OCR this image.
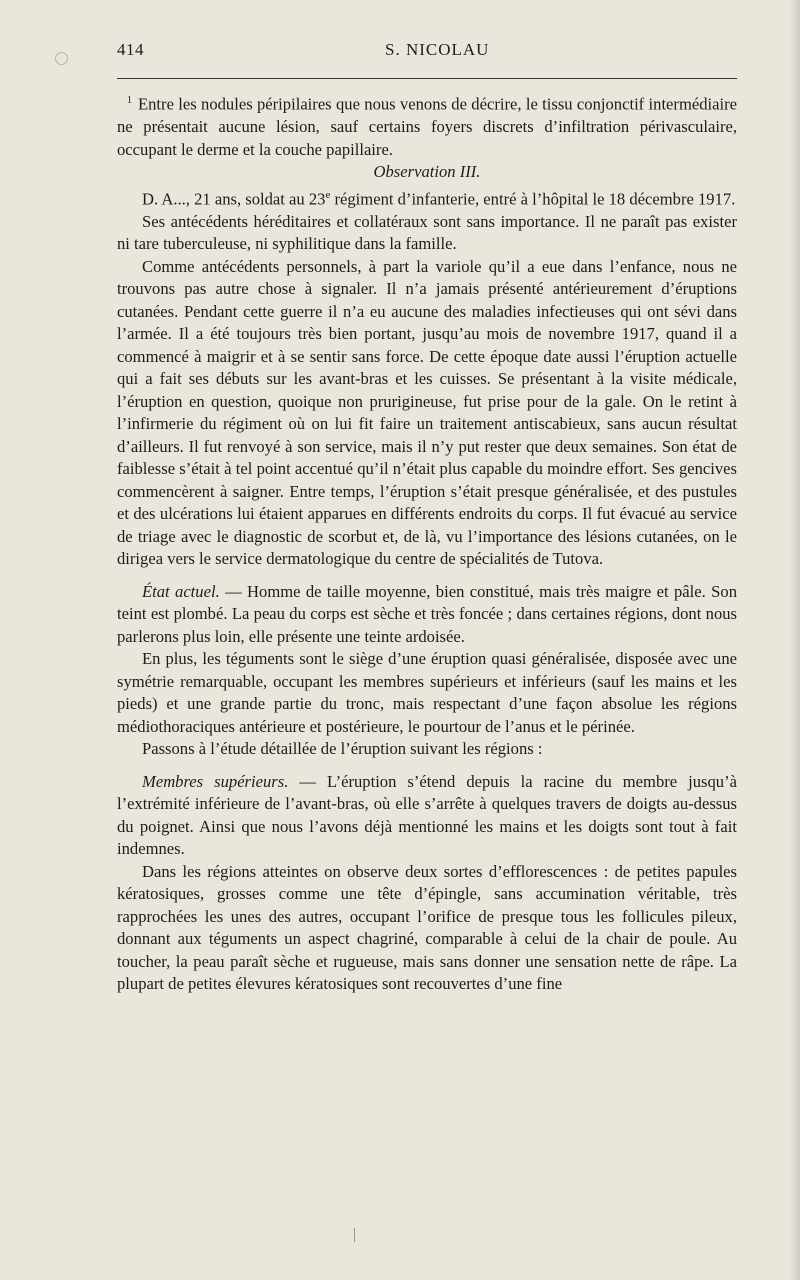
414	S. NICOLAU

$^1$ Entre les nodules péripilaires que nous venons de décrire, le tissu conjonctif intermédiaire ne présentait aucune lésion, sauf certains foyers discrets d’infiltration périvasculaire, occupant le derme et la couche papillaire.

Observation III.

D. A..., 21 ans, soldat au 23e régiment d’infanterie, entré à l’hôpital le 18 décembre 1917.

Ses antécédents héréditaires et collatéraux sont sans importance. Il ne paraît pas exister ni tare tuberculeuse, ni syphilitique dans la famille.

Comme antécédents personnels, à part la variole qu’il a eue dans l’enfance, nous ne trouvons pas autre chose à signaler. Il n’a jamais présenté antérieurement d’éruptions cutanées. Pendant cette guerre il n’a eu aucune des maladies infectieuses qui ont sévi dans l’armée. Il a été toujours très bien portant, jusqu’au mois de novembre 1917, quand il a commencé à maigrir et à se sentir sans force. De cette époque date aussi l’éruption actuelle qui a fait ses débuts sur les avant-bras et les cuisses. Se présentant à la visite médicale, l’éruption en question, quoique non prurigineuse, fut prise pour de la gale. On le retint à l’infirmerie du régiment où on lui fit faire un traitement antiscabieux, sans aucun résultat d’ailleurs. Il fut renvoyé à son service, mais il n’y put rester que deux semaines. Son état de faiblesse s’était à tel point accentué qu’il n’était plus capable du moindre effort. Ses gencives commencèrent à saigner. Entre temps, l’éruption s’était presque généralisée, et des pustules et des ulcérations lui étaient apparues en différents endroits du corps. Il fut évacué au service de triage avec le diagnostic de scorbut et, de là, vu l’importance des lésions cutanées, on le dirigea vers le service dermatologique du centre de spécialités de Tutova.

État actuel. — Homme de taille moyenne, bien constitué, mais très maigre et pâle. Son teint est plombé. La peau du corps est sèche et très foncée ; dans certaines régions, dont nous parlerons plus loin, elle présente une teinte ardoisée.

En plus, les téguments sont le siège d’une éruption quasi généralisée, disposée avec une symétrie remarquable, occupant les membres supérieurs et inférieurs (sauf les mains et les pieds) et une grande partie du tronc, mais respectant d’une façon absolue les régions médiothoraciques antérieure et postérieure, le pourtour de l’anus et le périnée.

Passons à l’étude détaillée de l’éruption suivant les régions :

Membres supérieurs. — L’éruption s’étend depuis la racine du membre jusqu’à l’extrémité inférieure de l’avant-bras, où elle s’arrête à quelques travers de doigts au-dessus du poignet. Ainsi que nous l’avons déjà mentionné les mains et les doigts sont tout à fait indemnes.

Dans les régions atteintes on observe deux sortes d’efflorescences : de petites papules kératosiques, grosses comme une tête d’épingle, sans accumination véritable, très rapprochées les unes des autres, occupant l’orifice de presque tous les follicules pileux, donnant aux téguments un aspect chagriné, comparable à celui de la chair de poule. Au toucher, la peau paraît sèche et rugueuse, mais sans donner une sensation nette de râpe. La plupart de petites élevures kératosiques sont recouvertes d’une fine
